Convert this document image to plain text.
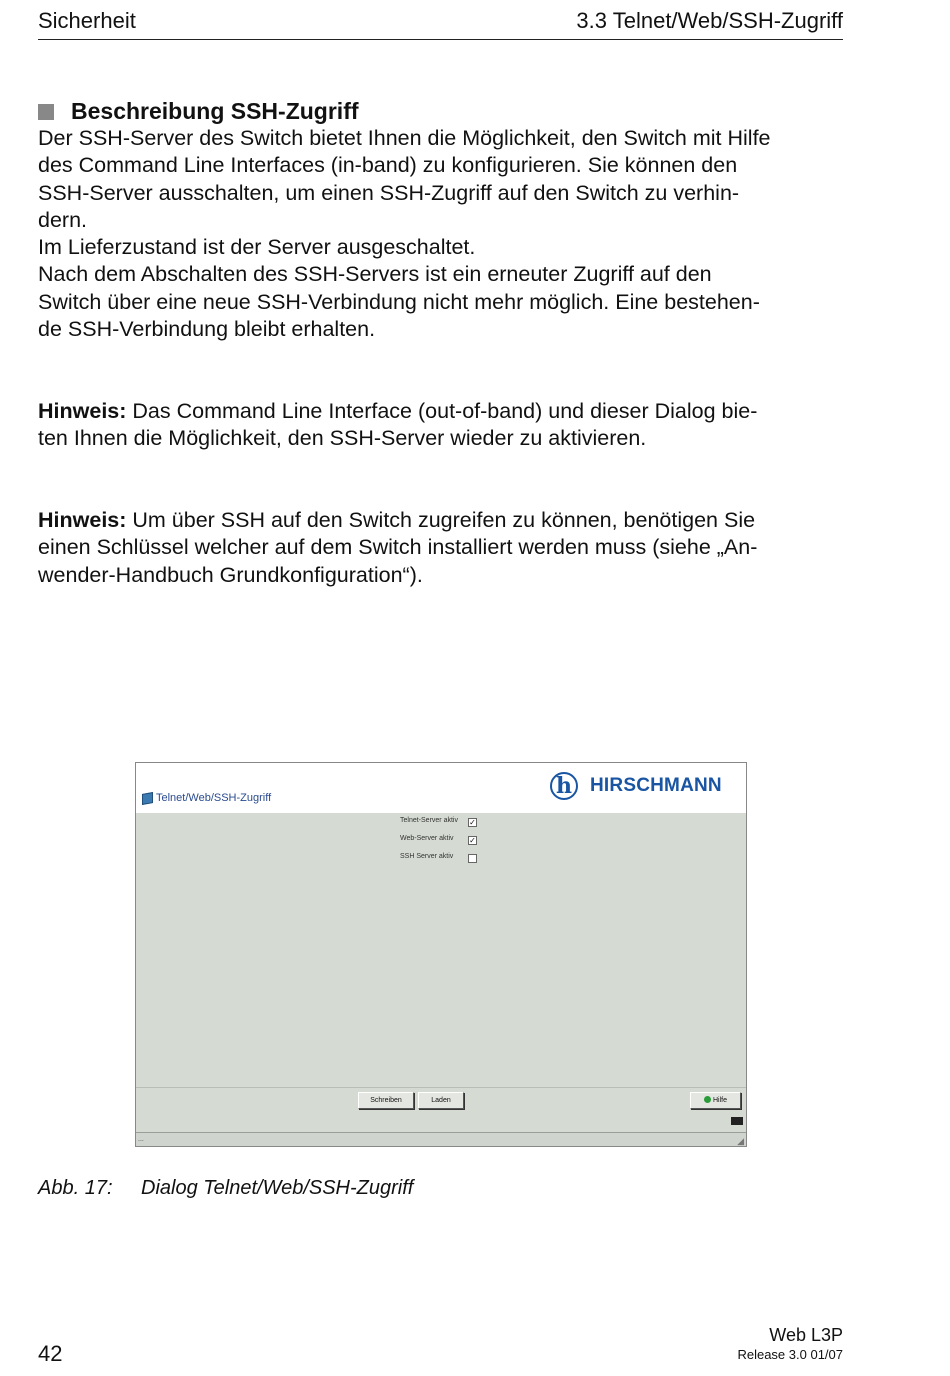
Sicherheit	3.3 Telnet/Web/SSH-Zugriff
Beschreibung SSH-Zugriff

Der SSH-Server des Switch bietet Ihnen die Möglichkeit, den Switch mit Hilfe
des Command Line Interfaces (in-band) zu konfigurieren. Sie können den
SSH-Server ausschalten, um einen SSH-Zugriff auf den Switch zu verhin-
dern.
Im Lieferzustand ist der Server ausgeschaltet.
Nach dem Abschalten des SSH-Servers ist ein erneuter Zugriff auf den
Switch über eine neue SSH-Verbindung nicht mehr möglich. Eine bestehen-
de SSH-Verbindung bleibt erhalten.

Hinweis: Das Command Line Interface (out-of-band) und dieser Dialog bie-
ten Ihnen die Möglichkeit, den SSH-Server wieder zu aktivieren.

Hinweis: Um über SSH auf den Switch zugreifen zu können, benötigen Sie
einen Schlüssel welcher auf dem Switch installiert werden muss (siehe „An-
wender-Handbuch Grundkonfiguration“).

Telnet/Web/SSH-Zugriff	h HIRSCHMANN
Telnet-Server aktiv ✓
Web-Server aktiv ✓
SSH Server aktiv
Schreiben	Laden	Hilfe
...	◢
Abb. 17: Dialog Telnet/Web/SSH-Zugriff
42
Web L3P
Release 3.0 01/07
